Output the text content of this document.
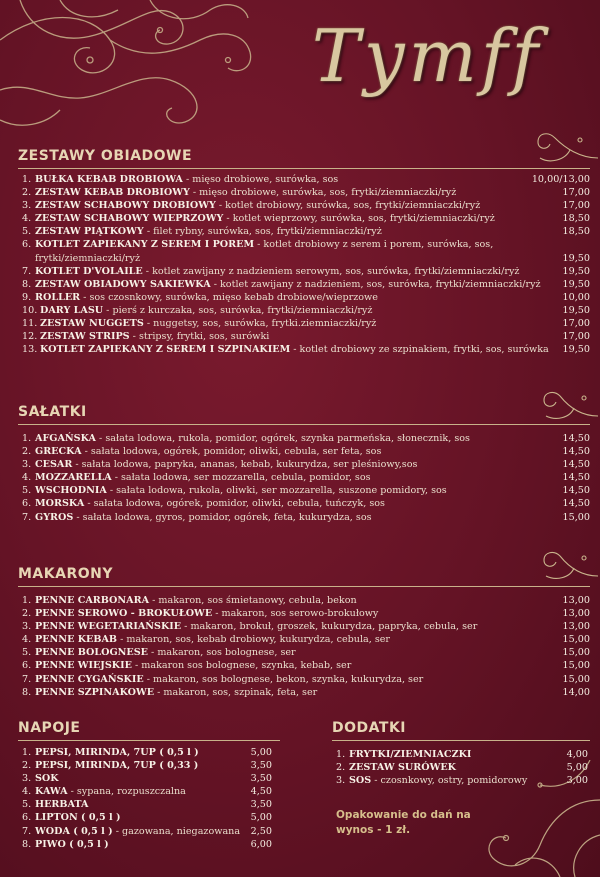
Tymff
ZESTAWY OBIADOWE
1. BUŁKA KEBAB DROBIOWA - mięso drobiowe, surówka, sos	10,00/13,00
2. ZESTAW KEBAB DROBIOWY - mięso drobiowe, surówka, sos, frytki/ziemniaczki/ryż	17,00
3. ZESTAW SCHABOWY DROBIOWY - kotlet drobiowy, surówka, sos, frytki/ziemniaczki/ryż	17,00
4. ZESTAW SCHABOWY WIEPRZOWY - kotlet wieprzowy, surówka, sos, frytki/ziemniaczki/ryż	18,50
5. ZESTAW PIĄTKOWY - filet rybny, surówka, sos, frytki/ziemniaczki/ryż	18,50
6. KOTLET ZAPIEKANY Z SEREM I POREM - kotlet drobiowy z serem i porem, surówka, sos,
frytki/ziemniaczki/ryż	19,50
7. KOTLET D'VOLAILE - kotlet zawijany z nadzieniem serowym, sos, surówka, frytki/ziemniaczki/ryż	19,50
8. ZESTAW OBIADOWY SAKIEWKA - kotlet zawijany z nadzieniem, sos, surówka, frytki/ziemniaczki/ryż 19,50
9. ROLLER - sos czosnkowy, surówka, mięso kebab drobiowe/wieprzowe	10,00
10. DARY LASU - pierś z kurczaka, sos, surówka, frytki/ziemniaczki/ryż	19,50
11. ZESTAW NUGGETS - nuggetsy, sos, surówka, frytki.ziemniaczki/ryż	17,00
12. ZESTAW STRIPS - stripsy, frytki, sos, surówki	17,00
13. KOTLET ZAPIEKANY Z SEREM I SZPINAKIEM - kotlet drobiowy ze szpinakiem, frytki, sos, surówka 19,50
SAŁATKI
1. AFGAŃSKA - sałata lodowa, rukola, pomidor, ogórek, szynka parmeńska, słonecznik, sos	14,50
2. GRECKA - sałata lodowa, ogórek, pomidor, oliwki, cebula, ser feta, sos	14,50
3. CESAR - sałata lodowa, papryka, ananas, kebab, kukurydza, ser pleśniowy,sos	14,50
4. MOZZARELLA - sałata lodowa, ser mozzarella, cebula, pomidor, sos	14,50
5. WSCHODNIA - sałata lodowa, rukola, oliwki, ser mozzarella, suszone pomidory, sos	14,50
6. MORSKA - sałata lodowa, ogórek, pomidor, oliwki, cebula, tuńczyk, sos	14,50
7. GYROS - sałata lodowa, gyros, pomidor, ogórek, feta, kukurydza, sos	15,00
MAKARONY
1. PENNE CARBONARA - makaron, sos śmietanowy, cebula, bekon	13,00
2. PENNE SEROWO - BROKUŁOWE - makaron, sos serowo-brokułowy	13,00
3. PENNE WEGETARIAŃSKIE - makaron, brokuł, groszek, kukurydza, papryka, cebula, ser	13,00
4. PENNE KEBAB - makaron, sos, kebab drobiowy, kukurydza, cebula, ser	15,00
5. PENNE BOLOGNESE - makaron, sos bolognese, ser	15,00
6. PENNE WIEJSKIE - makaron sos bolognese, szynka, kebab, ser	15,00
7. PENNE CYGAŃSKIE - makaron, sos bolognese, bekon, szynka, kukurydza, ser	15,00
8. PENNE SZPINAKOWE - makaron, sos, szpinak, feta, ser	14,00
NAPOJE
1. PEPSI, MIRINDA, 7UP ( 0,5 l )	5,00
2. PEPSI, MIRINDA, 7UP ( 0,33 )	3,50
3. SOK	3,50
4. KAWA - sypana, rozpuszczalna	4,50
5. HERBATA	3,50
6. LIPTON ( 0,5 l )	5,00
7. WODA ( 0,5 l ) - gazowana, niegazowana 2,50
8. PIWO ( 0,5 l )	6,00
DODATKI
1. FRYTKI/ZIEMNIACZKI	4,00
2. ZESTAW SURÓWEK	5,00
3. SOS - czosnkowy, ostry, pomidorowy	3,00
Opakowanie do dań na wynos - 1 zł.
